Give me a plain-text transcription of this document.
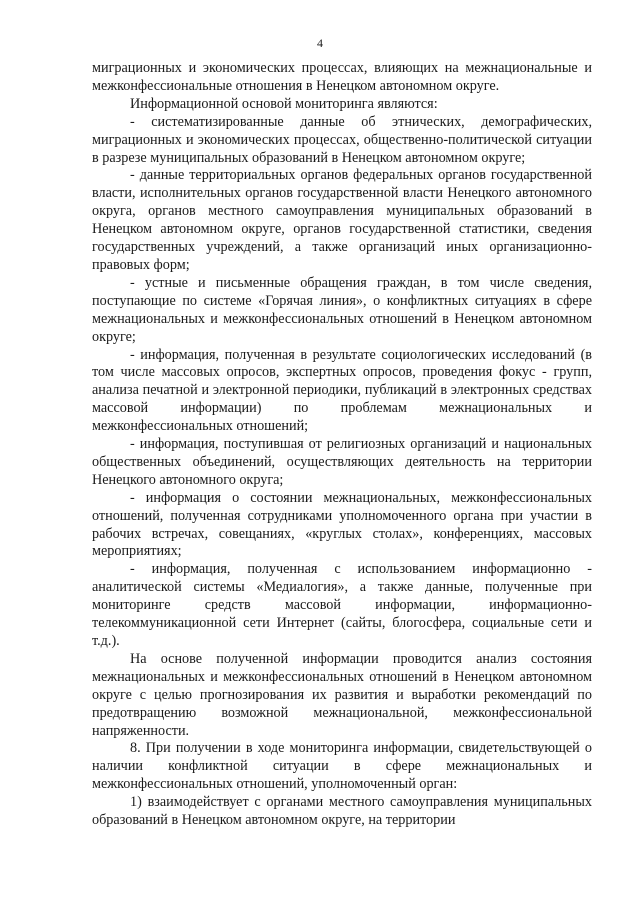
4

миграционных и экономических процессах, влияющих на межнациональные и межконфессиональные отношения в Ненецком автономном округе.

Информационной основой мониторинга являются:

- систематизированные данные об этнических, демографических, миграционных и экономических процессах, общественно-политической ситуации в разрезе муниципальных образований в Ненецком автономном округе;

- данные территориальных органов федеральных органов государственной власти, исполнительных органов государственной власти Ненецкого автономного округа, органов местного самоуправления муниципальных образований в Ненецком автономном округе, органов государственной статистики, сведения государственных учреждений, а также организаций иных организационно-правовых форм;

- устные и письменные обращения граждан, в том числе сведения, поступающие по системе «Горячая линия», о конфликтных ситуациях в сфере межнациональных и межконфессиональных отношений в Ненецком автономном округе;

- информация, полученная в результате социологических исследований (в том числе массовых опросов, экспертных опросов, проведения фокус - групп, анализа печатной и электронной периодики, публикаций в электронных средствах массовой информации) по проблемам межнациональных и межконфессиональных отношений;

- информация, поступившая от религиозных организаций и национальных общественных объединений, осуществляющих деятельность на территории Ненецкого автономного округа;

- информация о состоянии межнациональных, межконфессиональных отношений, полученная сотрудниками уполномоченного органа при участии в рабочих встречах, совещаниях, «круглых столах», конференциях, массовых мероприятиях;

- информация, полученная с использованием информационно - аналитической системы «Медиалогия», а также данные, полученные при мониторинге средств массовой информации, информационно-телекоммуникационной сети Интернет (сайты, блогосфера, социальные сети и т.д.).

На основе полученной информации проводится анализ состояния межнациональных и межконфессиональных отношений в Ненецком автономном округе с целью прогнозирования их развития и выработки рекомендаций по предотвращению возможной межнациональной, межконфессиональной напряженности.

8. При получении в ходе мониторинга информации, свидетельствующей о наличии конфликтной ситуации в сфере межнациональных и межконфессиональных отношений, уполномоченный орган:

1) взаимодействует с органами местного самоуправления муниципальных образований в Ненецком автономном округе, на территории
